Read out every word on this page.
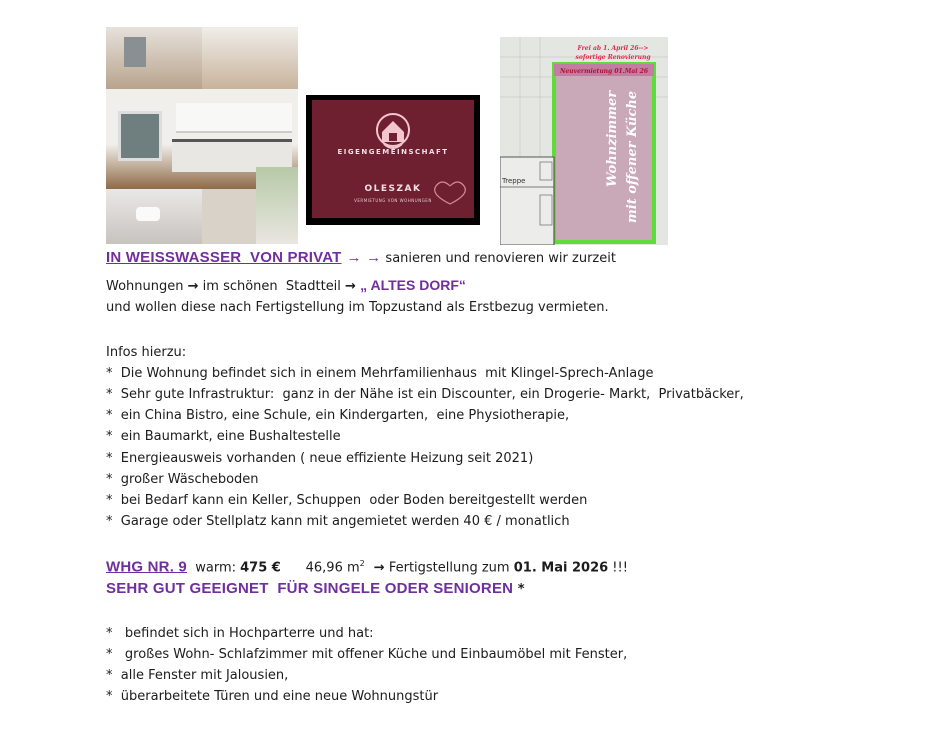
EIGENGEMEINSCHAFT
OLESZAK
VERMIETUNG VON WOHNUNGEN
Frei ab 1. April 26-->
sofortige Renovierung
Neuvermietung 01.Mai 26
Wohnzimmer mit offener Küche
Treppe
IN WEISSWASSER  VON PRIVAT → → sanieren und renovieren wir zurzeit
Wohnungen → im schönen  Stadtteil → „ ALTES DORF“
und wollen diese nach Fertigstellung im Topzustand als Erstbezug vermieten.
Infos hierzu:
*  Die Wohnung befindet sich in einem Mehrfamilienhaus  mit Klingel-Sprech-Anlage
*  Sehr gute Infrastruktur:  ganz in der Nähe ist ein Discounter, ein Drogerie- Markt,  Privatbäcker,
*  ein China Bistro, eine Schule, ein Kindergarten,  eine Physiotherapie,
*  ein Baumarkt, eine Bushaltestelle
*  Energieausweis vorhanden ( neue effiziente Heizung seit 2021)
*  großer Wäscheboden
*  bei Bedarf kann ein Keller, Schuppen  oder Boden bereitgestellt werden
*  Garage oder Stellplatz kann mit angemietet werden 40 € / monatlich
WHG NR. 9  warm: 475 €      46,96 $m^2$  → Fertigstellung zum 01. Mai 2026 !!!
SEHR GUT GEEIGNET  FÜR SINGELE ODER SENIOREN *
*   befindet sich in Hochparterre und hat:
*   großes Wohn- Schlafzimmer mit offener Küche und Einbaumöbel mit Fenster,
*  alle Fenster mit Jalousien,
*  überarbeitete Türen und eine neue Wohnungstür
